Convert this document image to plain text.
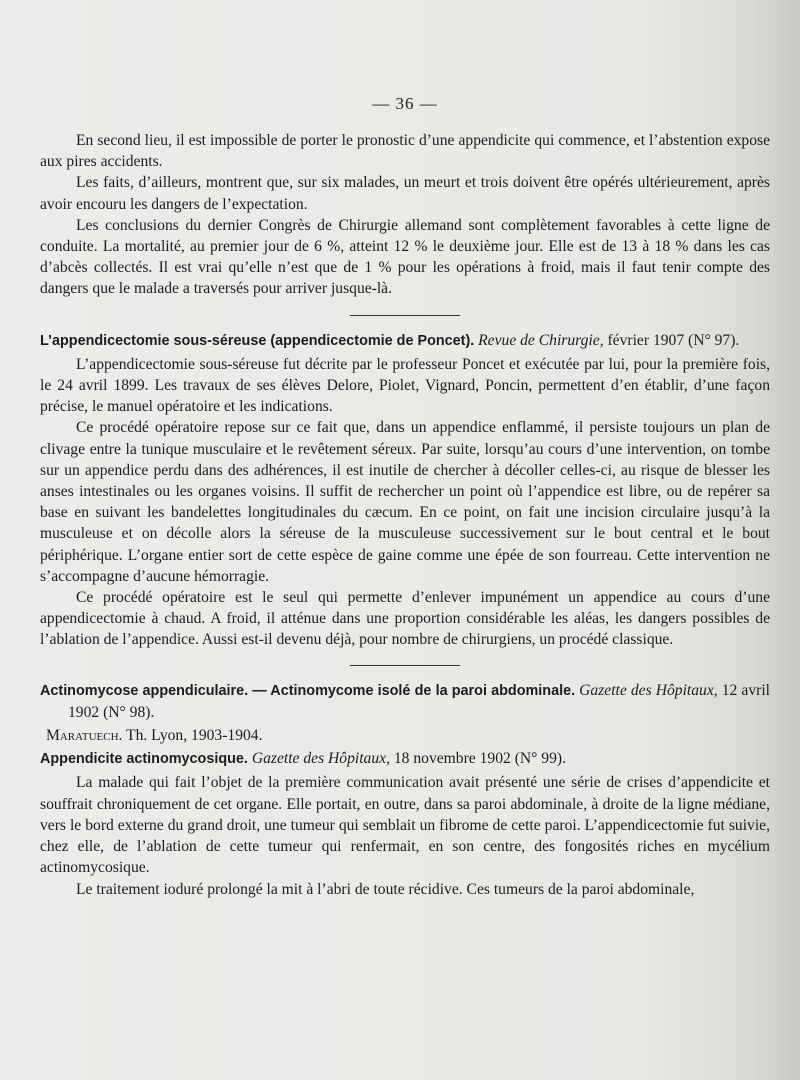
— 36 —

En second lieu, il est impossible de porter le pronostic d’une appendicite qui commence, et l’abstention expose aux pires accidents.

Les faits, d’ailleurs, montrent que, sur six malades, un meurt et trois doivent être opérés ultérieurement, après avoir encouru les dangers de l’expectation.

Les conclusions du dernier Congrès de Chirurgie allemand sont complètement favorables à cette ligne de conduite. La mortalité, au premier jour de 6 %, atteint 12 % le deuxième jour. Elle est de 13 à 18 % dans les cas d’abcès collectés. Il est vrai qu’elle n’est que de 1 % pour les opérations à froid, mais il faut tenir compte des dangers que le malade a traversés pour arriver jusque-là.

L’appendicectomie sous-séreuse (appendicectomie de Poncet). Revue de Chirurgie, février 1907 (N° 97).

L’appendicectomie sous-séreuse fut décrite par le professeur Poncet et exécutée par lui, pour la première fois, le 24 avril 1899. Les travaux de ses élèves Delore, Piolet, Vignard, Poncin, permettent d’en établir, d’une façon précise, le manuel opératoire et les indications.

Ce procédé opératoire repose sur ce fait que, dans un appendice enflammé, il persiste toujours un plan de clivage entre la tunique musculaire et le revêtement séreux. Par suite, lorsqu’au cours d’une intervention, on tombe sur un appendice perdu dans des adhérences, il est inutile de chercher à décoller celles-ci, au risque de blesser les anses intestinales ou les organes voisins. Il suffit de rechercher un point où l’appendice est libre, ou de repérer sa base en suivant les bandelettes longitudinales du cæcum. En ce point, on fait une incision circulaire jusqu’à la musculeuse et on décolle alors la séreuse de la musculeuse successivement sur le bout central et le bout périphérique. L’organe entier sort de cette espèce de gaine comme une épée de son fourreau. Cette intervention ne s’accompagne d’aucune hémorragie.

Ce procédé opératoire est le seul qui permette d’enlever impunément un appendice au cours d’une appendicectomie à chaud. A froid, il atténue dans une proportion considérable les aléas, les dangers possibles de l’ablation de l’appendice. Aussi est-il devenu déjà, pour nombre de chirurgiens, un procédé classique.

Actinomycose appendiculaire. — Actinomycome isolé de la paroi abdominale. Gazette des Hôpitaux, 12 avril 1902 (N° 98).

Maratuech. Th. Lyon, 1903-1904.

Appendicite actinomycosique. Gazette des Hôpitaux, 18 novembre 1902 (N° 99).

La malade qui fait l’objet de la première communication avait présenté une série de crises d’appendicite et souffrait chroniquement de cet organe. Elle portait, en outre, dans sa paroi abdominale, à droite de la ligne médiane, vers le bord externe du grand droit, une tumeur qui semblait un fibrome de cette paroi. L’appendicectomie fut suivie, chez elle, de l’ablation de cette tumeur qui renfermait, en son centre, des fongosités riches en mycélium actinomycosique.

Le traitement ioduré prolongé la mit à l’abri de toute récidive. Ces tumeurs de la paroi abdominale,
